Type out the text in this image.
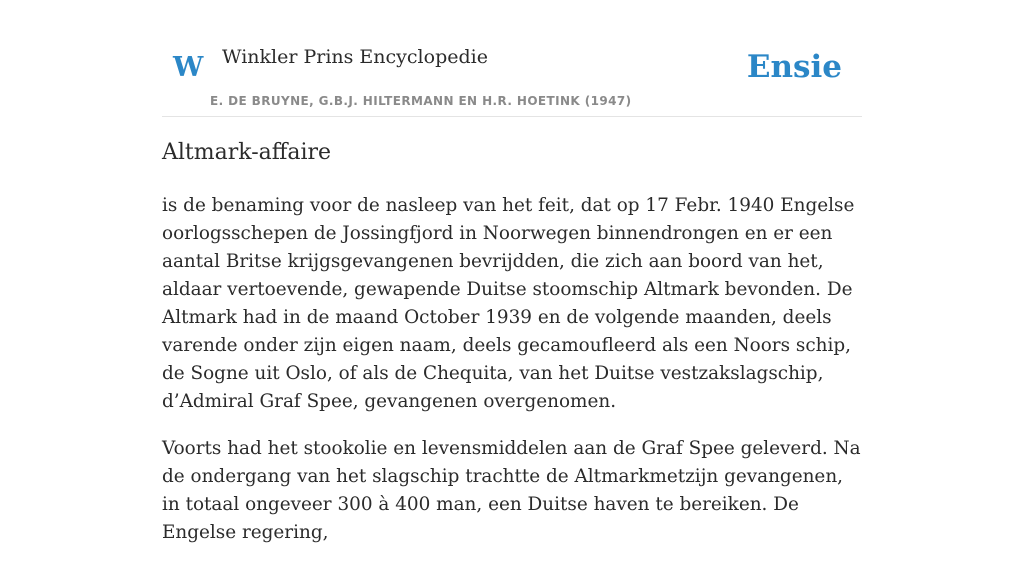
W Winkler Prins Encyclopedie
E. DE BRUYNE, G.B.J. HILTERMANN EN H.R. HOETINK (1947)
Ensie
Altmark-affaire

is de benaming voor de nasleep van het feit, dat op 17 Febr. 1940 Engelse oorlogsschepen de Jossingfjord in Noorwegen binnendrongen en er een aantal Britse krijgsgevangenen bevrijdden, die zich aan boord van het, aldaar vertoevende, gewapende Duitse stoomschip Altmark bevonden. De Altmark had in de maand October 1939 en de volgende maanden, deels varende onder zijn eigen naam, deels gecamoufleerd als een Noors schip, de Sogne uit Oslo, of als de Chequita, van het Duitse vestzakslagschip, d’Admiral Graf Spee, gevangenen overgenomen.

Voorts had het stookolie en levensmiddelen aan de Graf Spee geleverd. Na de ondergang van het slagschip trachtte de Altmarkmetzijn gevangenen, in totaal ongeveer 300 à 400 man, een Duitse haven te bereiken. De Engelse regering,
